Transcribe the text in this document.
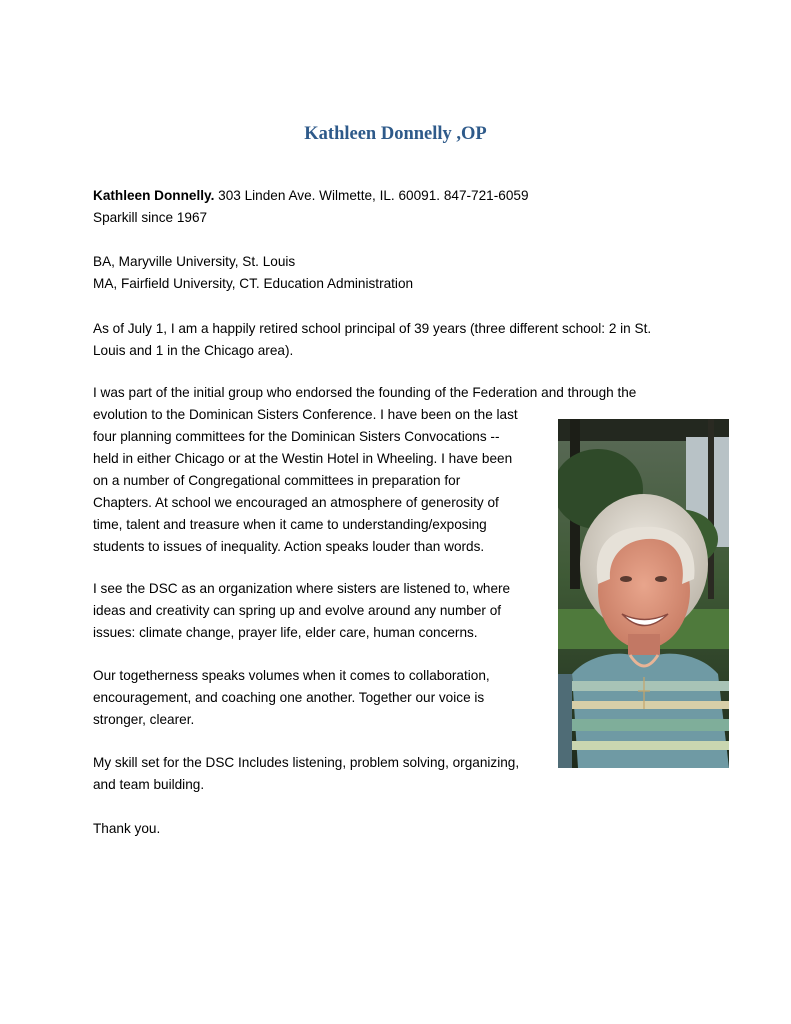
Kathleen Donnelly ,OP
Kathleen Donnelly. 303 Linden Ave. Wilmette, IL. 60091. 847-721-6059
Sparkill since 1967
BA, Maryville University, St. Louis
MA, Fairfield University, CT. Education Administration
As of July 1, I am a happily retired school principal of 39 years (three different school: 2 in St.
Louis and 1 in the Chicago area).
I was part of the initial group who endorsed the founding of the Federation and through the
evolution to the Dominican Sisters Conference. I have been on the last
four planning committees for the Dominican Sisters Convocations --
held in either Chicago or at the Westin Hotel in Wheeling. I have been
on a number of Congregational committees in preparation for
Chapters. At school we encouraged an atmosphere of generosity of
time, talent and treasure when it came to understanding/exposing
students to issues of inequality. Action speaks louder than words.
I see the DSC as an organization where sisters are listened to, where
ideas and creativity can spring up and evolve around any number of
issues: climate change, prayer life, elder care, human concerns.
Our togetherness speaks volumes when it comes to collaboration,
encouragement, and coaching one another. Together our voice is
stronger, clearer.
My skill set for the DSC Includes listening, problem solving, organizing,
and team building.
Thank you.
